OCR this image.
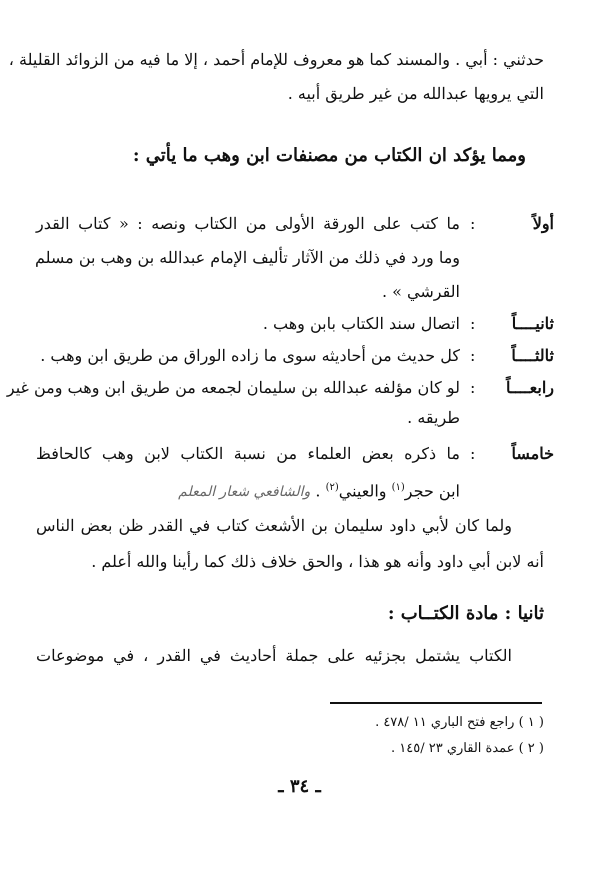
حدثني : أبي . والمسند كما هو معروف للإمام أحمد ، إلا ما فيه من الزوائد القليلة ،
التي يرويها عبدالله من غير طريق أبيه .
ومما يؤكد ان الكتاب من مصنفات ابن وهب ما يأتي :
أولاً
:
ما كتب على الورقة الأولى من الكتاب ونصه : « كتاب القدر
وما ورد في ذلك من الآثار تأليف الإمام عبدالله بن وهب بن مسلم
القرشي » .
ثانيــــاً
:
اتصال سند الكتاب بابن وهب .
ثالثــــاً
:
كل حديث من أحاديثه سوى ما زاده الوراق من طريق ابن وهب .
رابعــــاً
:
لو كان مؤلفه عبدالله بن سليمان لجمعه من طريق ابن وهب ومن غير
طريقه .
خامساً
:
ما ذكره بعض العلماء من نسبة الكتاب لابن وهب كالحافظ
ابن حجر$^{(١)}$ والعيني$^{(٢)}$ . والشافعي شعار المعلم
ولما كان لأبي داود سليمان بن الأشعث كتاب في القدر ظن بعض الناس
أنه لابن أبي داود وأنه هو هذا ، والحق خلاف ذلك كما رأينا والله أعلم .
ثانيا : مادة الكتــاب :
الكتاب يشتمل بجزئيه على جملة أحاديث في القدر ، في موضوعات
( ١ ) راجع فتح الباري ١١ /٤٧٨ .
( ٢ ) عمدة القاري ٢٣ /١٤٥ .
ـ ٣٤ ـ
